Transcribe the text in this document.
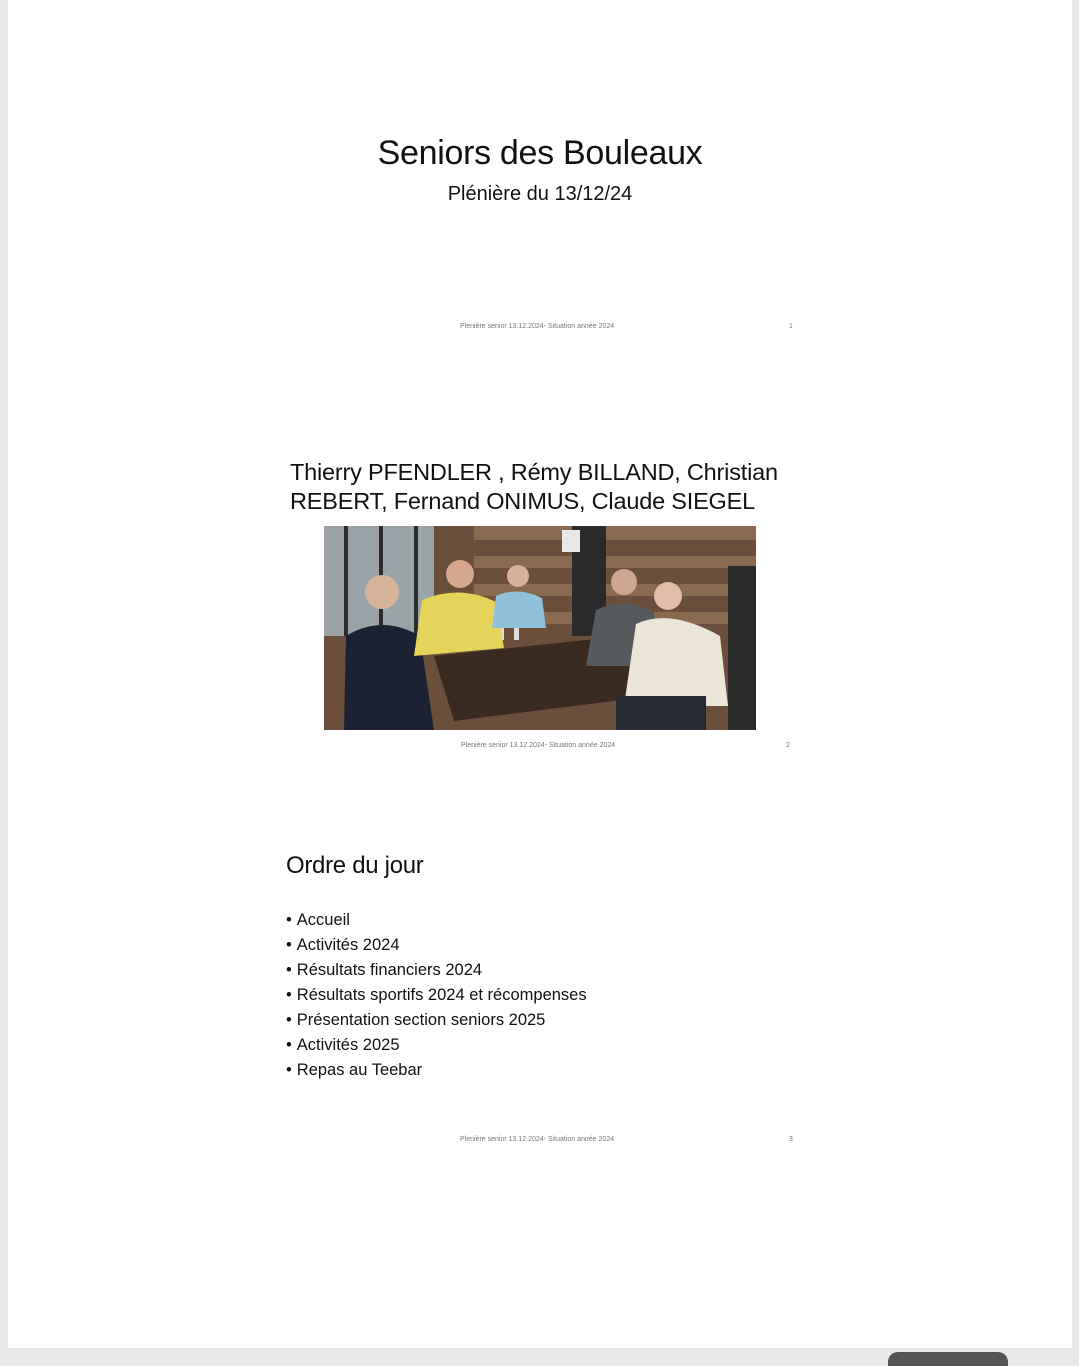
Seniors des Bouleaux
Plénière du 13/12/24
Plenière senior 13.12.2024- Situation année 2024	1
Thierry PFENDLER , Rémy BILLAND, Christian
REBERT, Fernand ONIMUS, Claude SIEGEL
Plenière senior 13.12.2024- Situation année 2024	2
Ordre du jour
• Accueil
• Activités 2024
• Résultats financiers 2024
• Résultats sportifs 2024 et récompenses
• Présentation section seniors 2025
• Activités 2025
• Repas au Teebar
Plenière senior 13.12.2024- Situation année 2024	3
